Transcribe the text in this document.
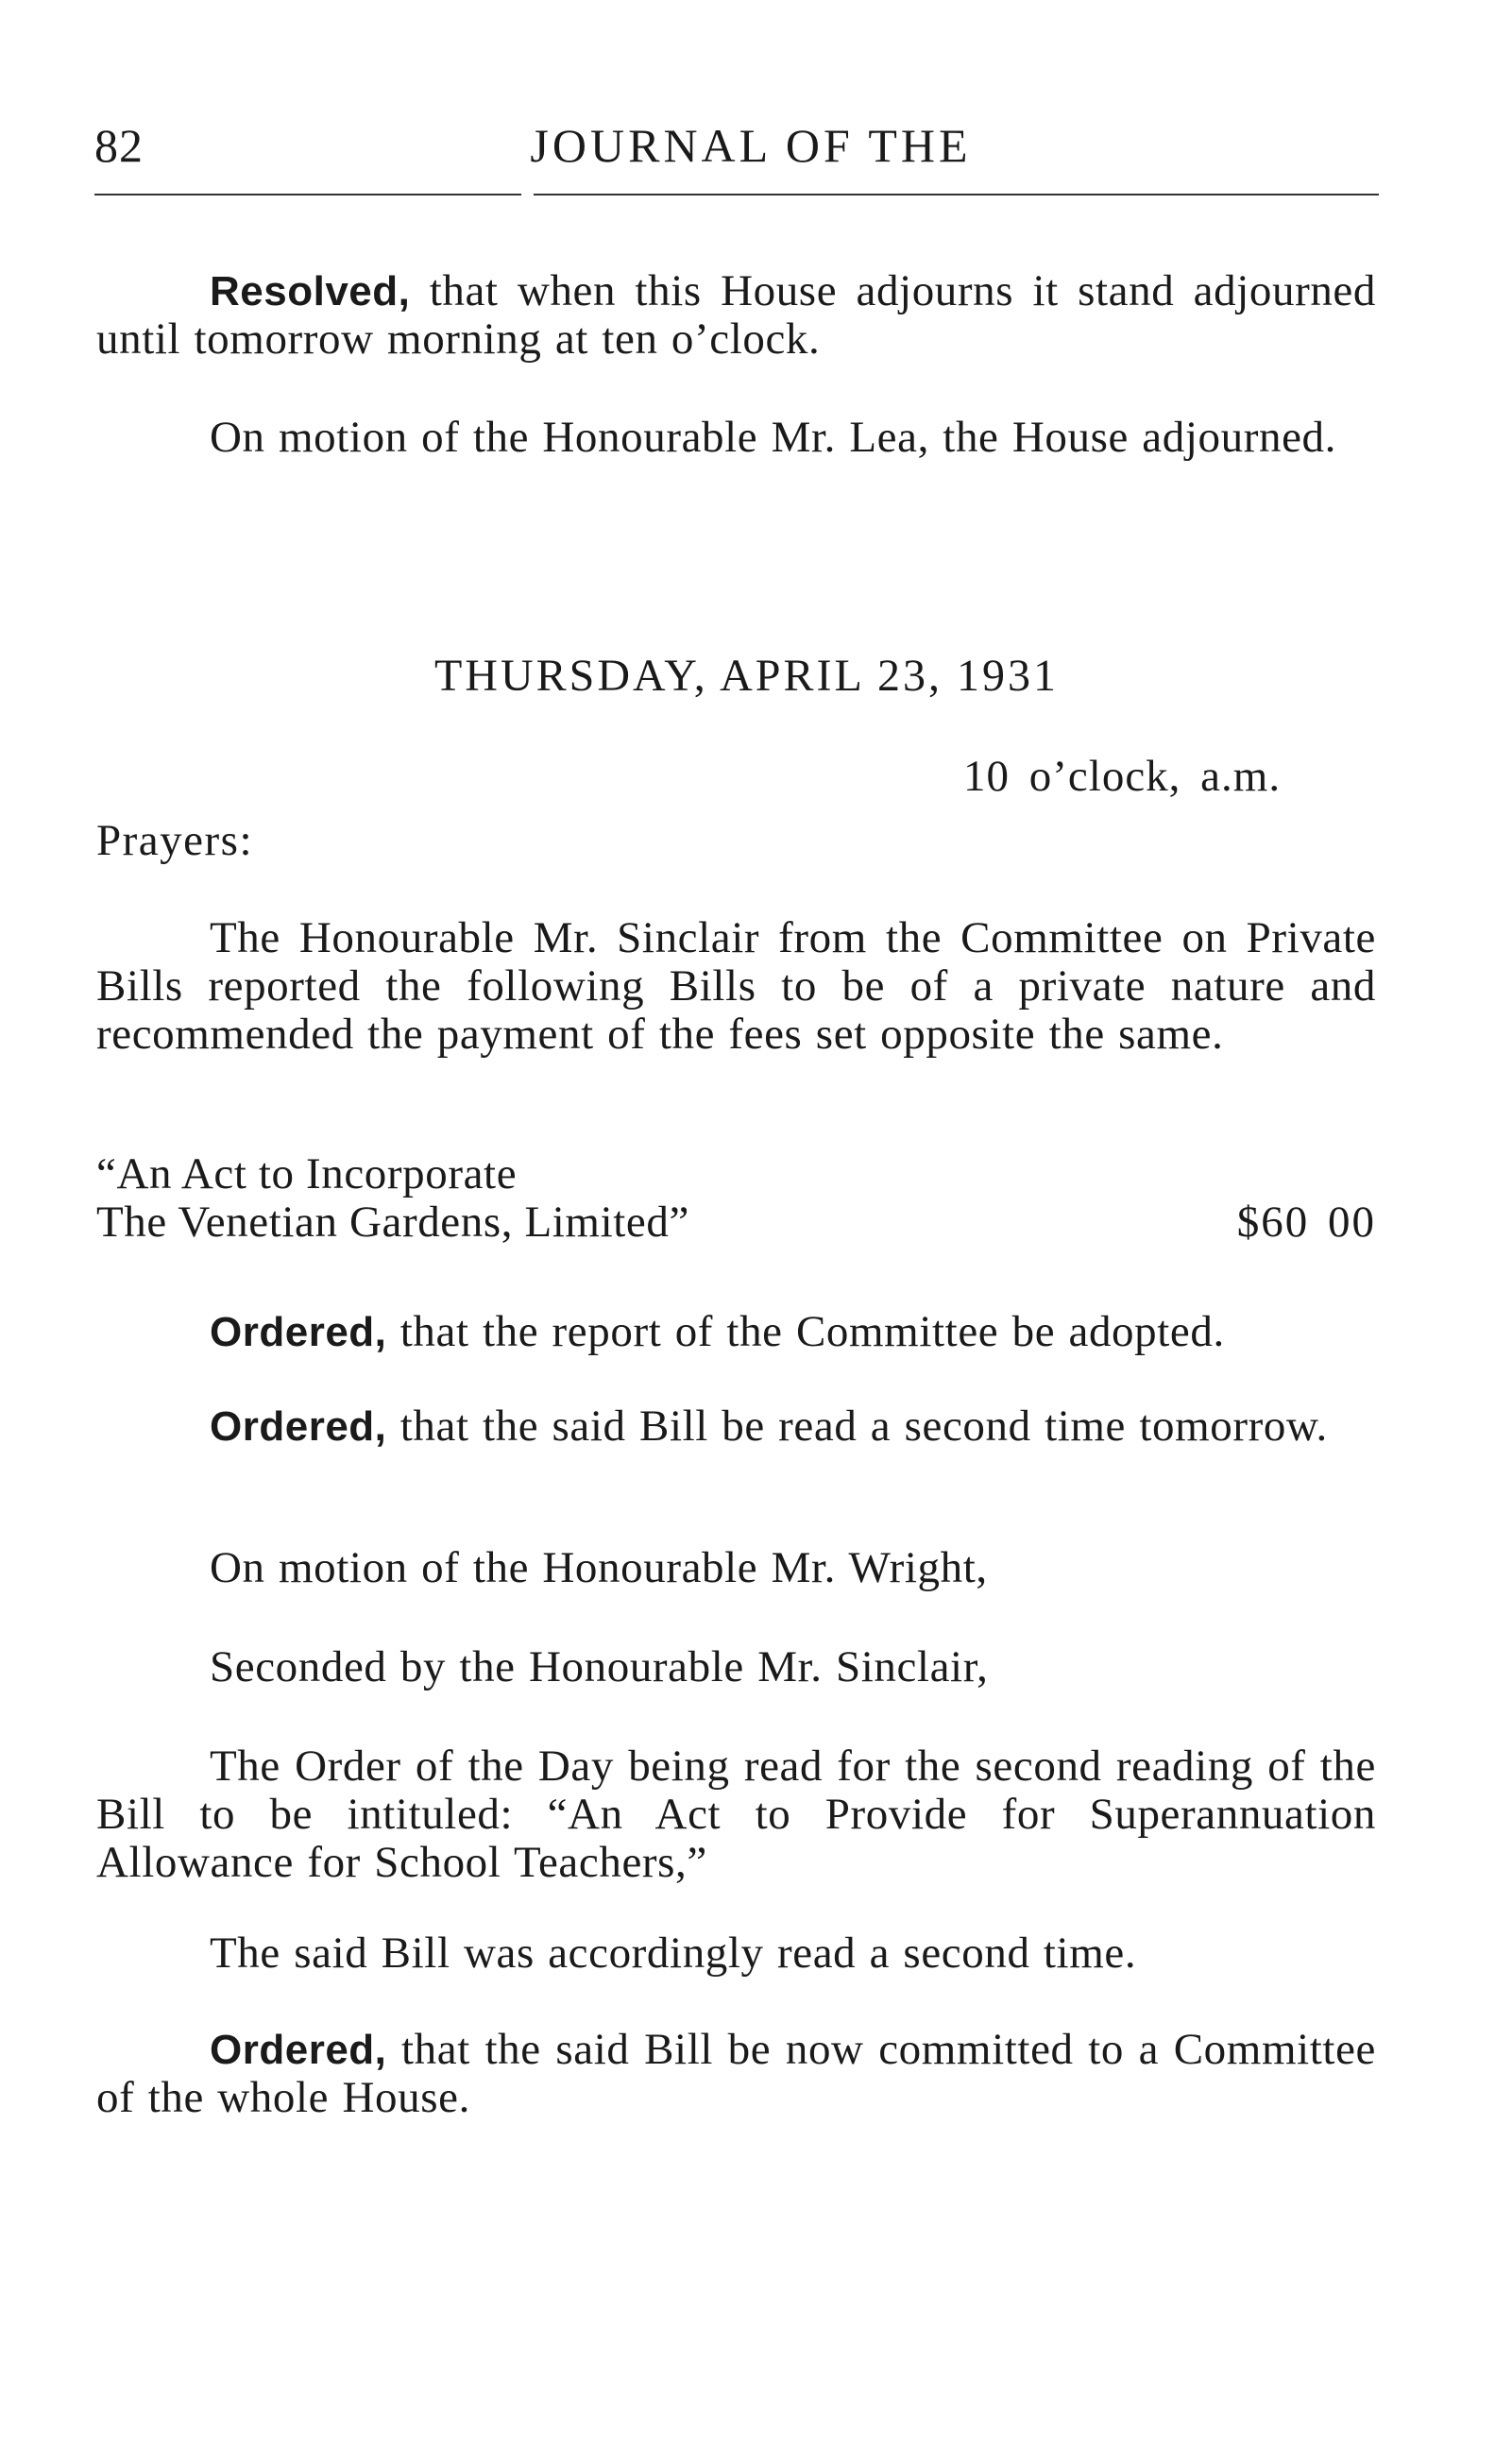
82	JOURNAL OF THE
Resolved, that when this House adjourns it stand adjourned until tomorrow morning at ten o’clock.
On motion of the Honourable Mr. Lea, the House adjourned.
THURSDAY, APRIL 23, 1931
10 o’clock, a.m.
Prayers:
The Honourable Mr. Sinclair from the Committee on Private Bills reported the following Bills to be of a private nature and recommended the payment of the fees set opposite the same.
“An Act to Incorporate
The Venetian Gardens, Limited”	$60 00
Ordered, that the report of the Committee be adopted.
Ordered, that the said Bill be read a second time tomorrow.
On motion of the Honourable Mr. Wright,
Seconded by the Honourable Mr. Sinclair,
The Order of the Day being read for the second reading of the Bill to be intituled: “An Act to Provide for Superannuation Allowance for School Teachers,”
The said Bill was accordingly read a second time.
Ordered, that the said Bill be now committed to a Committee of the whole House.
